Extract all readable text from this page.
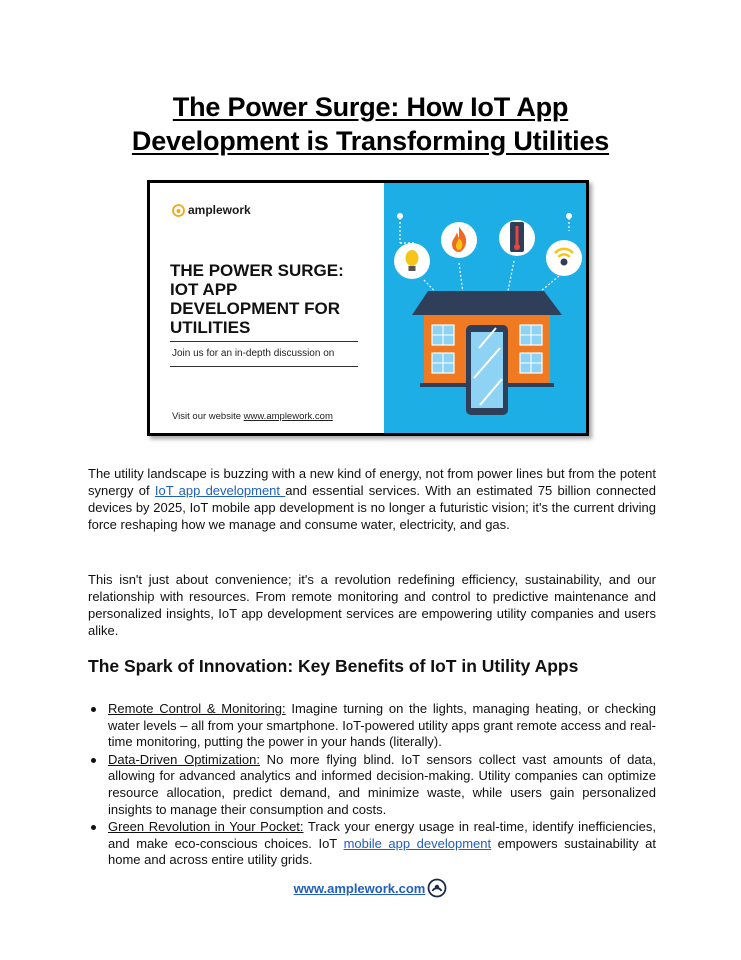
The Power Surge: How IoT App
Development is Transforming Utilities
amplework
THE POWER SURGE:
IOT APP
DEVELOPMENT FOR
UTILITIES
Join us for an in-depth discussion on
Visit our website www.amplework.com
The utility landscape is buzzing with a new kind of energy, not from power lines but from the potent synergy of IoT app development and essential services. With an estimated 75 billion connected devices by 2025, IoT mobile app development is no longer a futuristic vision; it's the current driving force reshaping how we manage and consume water, electricity, and gas.
This isn't just about convenience; it's a revolution redefining efficiency, sustainability, and our relationship with resources. From remote monitoring and control to predictive maintenance and personalized insights, IoT app development services are empowering utility companies and users alike.
The Spark of Innovation: Key Benefits of IoT in Utility Apps
Remote Control & Monitoring: Imagine turning on the lights, managing heating, or checking water levels – all from your smartphone. IoT-powered utility apps grant remote access and real-time monitoring, putting the power in your hands (literally).
Data-Driven Optimization: No more flying blind. IoT sensors collect vast amounts of data, allowing for advanced analytics and informed decision-making. Utility companies can optimize resource allocation, predict demand, and minimize waste, while users gain personalized insights to manage their consumption and costs.
Green Revolution in Your Pocket: Track your energy usage in real-time, identify inefficiencies, and make eco-conscious choices. IoT mobile app development empowers sustainability at home and across entire utility grids.
www.amplework.com
